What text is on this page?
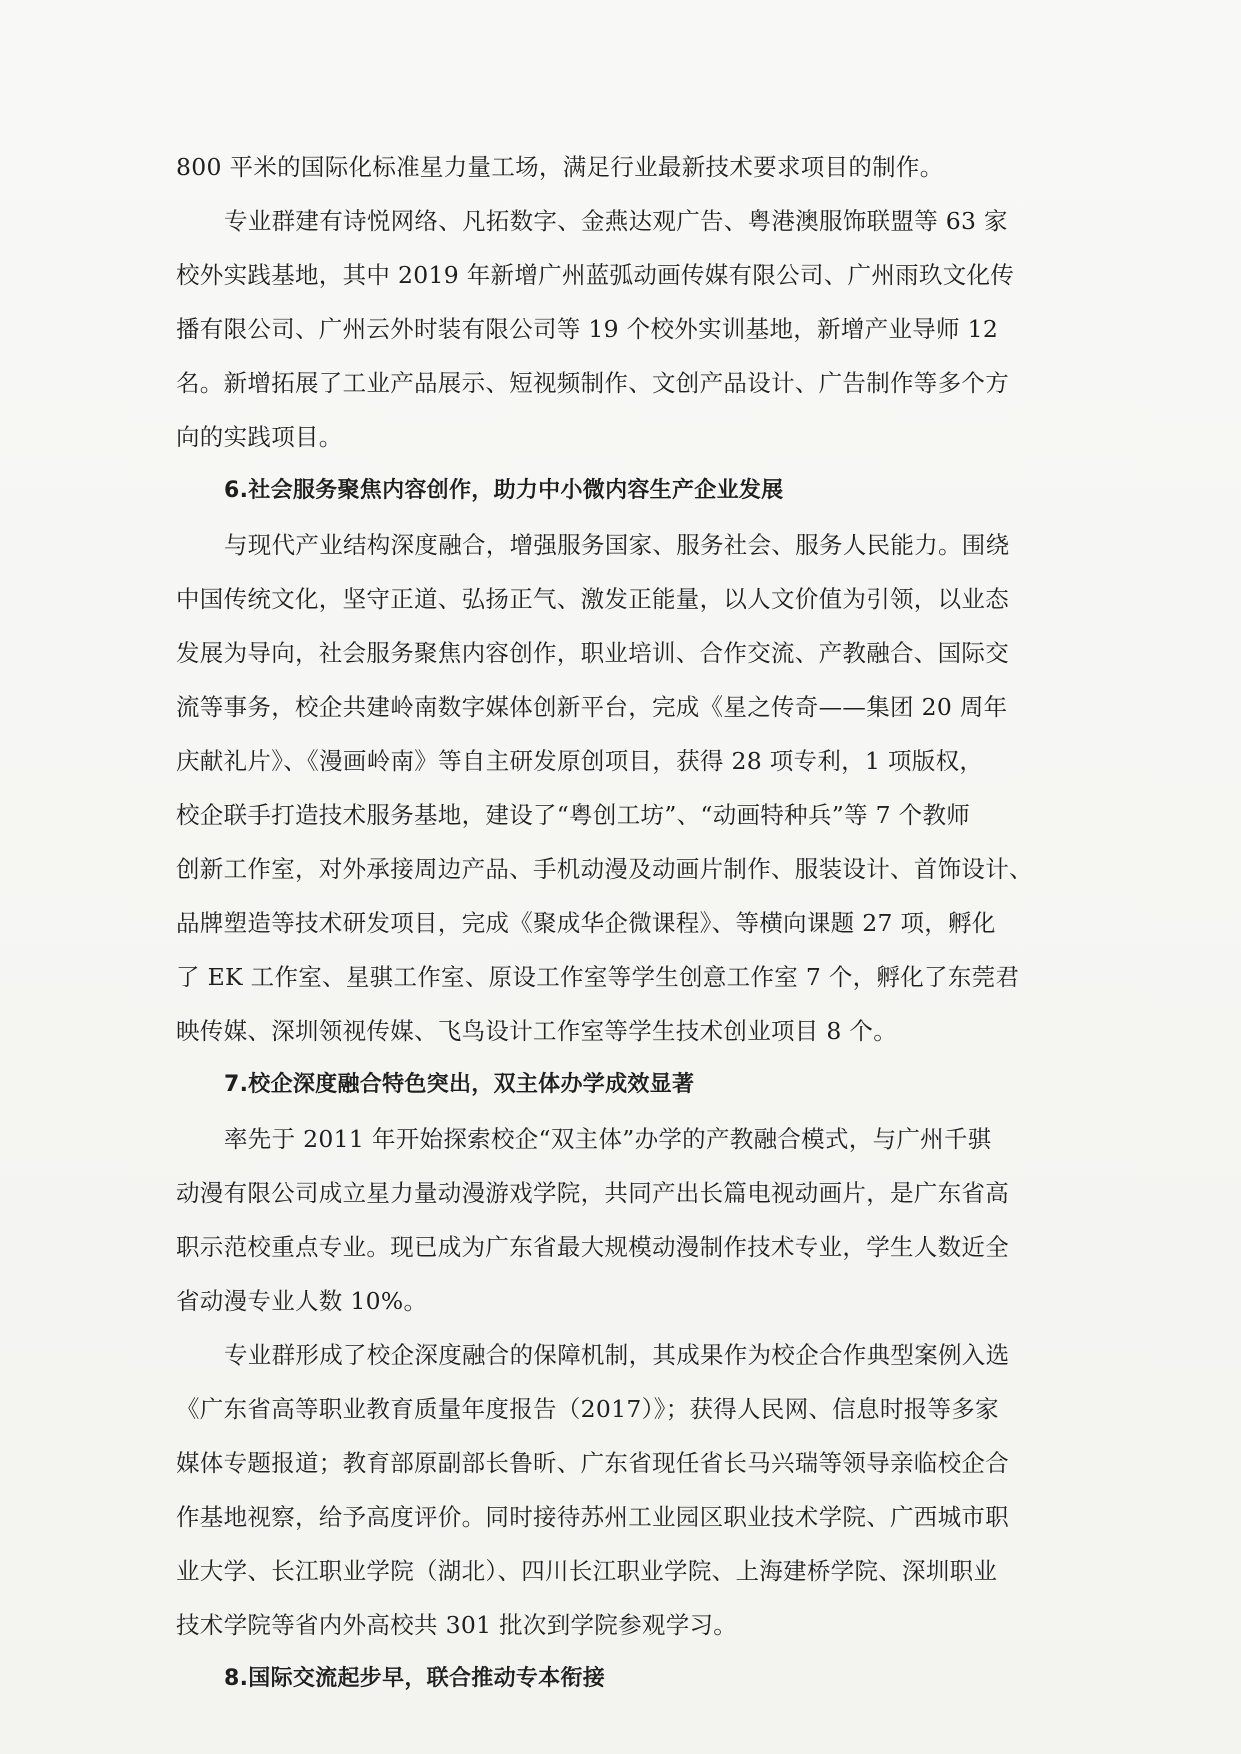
800 平米的国际化标准星力量工场，满足行业最新技术要求项目的制作。
专业群建有诗悦网络、凡拓数字、金燕达观广告、粤港澳服饰联盟等 63 家
校外实践基地，其中 2019 年新增广州蓝弧动画传媒有限公司、广州雨玖文化传
播有限公司、广州云外时装有限公司等 19 个校外实训基地，新增产业导师 12
名。新增拓展了工业产品展示、短视频制作、文创产品设计、广告制作等多个方
向的实践项目。
6.社会服务聚焦内容创作，助力中小微内容生产企业发展
与现代产业结构深度融合，增强服务国家、服务社会、服务人民能力。围绕
中国传统文化，坚守正道、弘扬正气、激发正能量，以人文价值为引领，以业态
发展为导向，社会服务聚焦内容创作，职业培训、合作交流、产教融合、国际交
流等事务，校企共建岭南数字媒体创新平台，完成《星之传奇——集团 20 周年
庆献礼片》、《漫画岭南》等自主研发原创项目，获得 28 项专利，1 项版权，
校企联手打造技术服务基地，建设了“粤创工坊”、“动画特种兵”等 7 个教师
创新工作室，对外承接周边产品、手机动漫及动画片制作、服装设计、首饰设计、
品牌塑造等技术研发项目，完成《聚成华企微课程》、等横向课题 27 项，孵化
了 EK 工作室、星骐工作室、原设工作室等学生创意工作室 7 个，孵化了东莞君
映传媒、深圳领视传媒、飞鸟设计工作室等学生技术创业项目 8 个。
7.校企深度融合特色突出，双主体办学成效显著
率先于 2011 年开始探索校企“双主体”办学的产教融合模式，与广州千骐
动漫有限公司成立星力量动漫游戏学院，共同产出长篇电视动画片，是广东省高
职示范校重点专业。现已成为广东省最大规模动漫制作技术专业，学生人数近全
省动漫专业人数 10%。
专业群形成了校企深度融合的保障机制，其成果作为校企合作典型案例入选
《广东省高等职业教育质量年度报告（2017）》；获得人民网、信息时报等多家
媒体专题报道；教育部原副部长鲁昕、广东省现任省长马兴瑞等领导亲临校企合
作基地视察，给予高度评价。同时接待苏州工业园区职业技术学院、广西城市职
业大学、长江职业学院（湖北）、四川长江职业学院、上海建桥学院、深圳职业
技术学院等省内外高校共 301 批次到学院参观学习。
8.国际交流起步早，联合推动专本衔接
